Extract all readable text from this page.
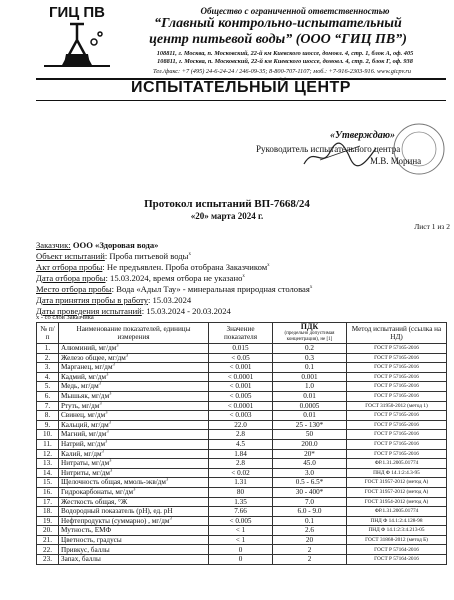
ГИЦ ПВ	Общество с ограниченной ответственностью
“Главный контрольно-испытательный
центр питьевой воды” (ООО “ГИЦ ПВ”)
108811, г. Москва, п. Московский, 22-й км Киевского шоссе, домовл. 4, стр. 1, блок А, оф. 405
108811, г. Москва, п. Московский, 22-й км Киевского шоссе, домовл. 4, стр. 2, блок Г, оф. 938
Тел./факс: +7 (495) 24-6-24-24 / 246-09-35; 8-800-707-1107; моб.: +7-916-2303-916. www.gicpv.ru
ИСПЫТАТЕЛЬНЫЙ ЦЕНТР
«Утверждаю»
Руководитель испытательного центра
М.В. Морина
Протокол испытаний ВП-7668/24
«20» марта 2024 г.
Лист 1 из 2
Заказчик: ООО «Здоровая вода»
Объект испытаний: Проба питьевой воды$^х$
Акт отбора пробы: Не предъявлен. Проба отобрана Заказчиком$^х$
Дата отбора пробы: 15.03.2024, время отбора не указано$^х$
Место отбора пробы: Вода «Адыл Тау» - минеральная природная столовая$^х$
Дата принятия пробы в работу: 15.03.2024
Даты проведения испытаний: 15.03.2024 - 20.03.2024
х - со слов Заказчика
№ п/п	Наименование показателей, единицы измерения	Значение показателя	ПДК
(предельно допустимая концентрация), не [1]	Метод испытаний (ссылка на НД)
1.	Алюминий, $мг/дм^3$	0.015	0.2	ГОСТ Р 57165-2016
2.	Железо общее, $мг/дм^3$	< 0.05	0.3	ГОСТ Р 57165-2016
3.	Марганец, $мг/дм^3$	< 0.001	0.1	ГОСТ Р 57165-2016
4.	Кадмий, $мг/дм^3$	< 0.0001	0.001	ГОСТ Р 57165-2016
5.	Медь, $мг/дм^3$	< 0.001	1.0	ГОСТ Р 57165-2016
6.	Мышьяк, $мг/дм^3$	< 0.005	0.01	ГОСТ Р 57165-2016
7.	Ртуть, $мг/дм^3$	< 0.0001	0.0005	ГОСТ 31950-2012 (метод 1)
8.	Свинец, $мг/дм^3$	< 0.003	0.01	ГОСТ Р 57165-2016
9.	Кальций, $мг/дм^3$	22.0	25 - 130*	ГОСТ Р 57165-2016
10.	Магний, $мг/дм^3$	2.8	50	ГОСТ Р 57165-2016
11.	Натрий, $мг/дм^3$	4.5	200.0	ГОСТ Р 57165-2016
12.	Калий, $мг/дм^3$	1.84	20*	ГОСТ Р 57165-2016
13.	Нитраты, $мг/дм^3$	2.8	45.0	ФР.1.31.2005.01774
14.	Нитриты, $мг/дм^3$	< 0.02	3.0	ПНД Ф 14.1:2:4.3-95
15.	Щелочность общая, ммоль-$экв/дм^3$	1.31	0.5 - 6.5*	ГОСТ 31957-2012 (метод А)
16.	Гидрокарбонаты, $мг/дм^3$	80	30 - 400*	ГОСТ 31957-2012 (метод А)
17.	Жесткость общая, °Ж	1.35	7.0	ГОСТ 31954-2012 (метод А)
18.	Водородный показатель (pH), ед. pH	7.66	6.0 - 9.0	ФР.1.31.2005.01774
19.	Нефтепродукты (суммарно) , $мг/дм^3$	< 0.005	0.1	ПНД Ф 14.1:2:4.128-98
20.	Мутность, ЕМФ	< 1	2.6	ПНД Ф 14.1:2:3:4.213-05
21.	Цветность, градусы	< 1	20	ГОСТ 31868-2012 (метод Б)
22.	Привкус, баллы	0	2	ГОСТ Р 57164-2016
23.	Запах, баллы	0	2	ГОСТ Р 57164-2016
